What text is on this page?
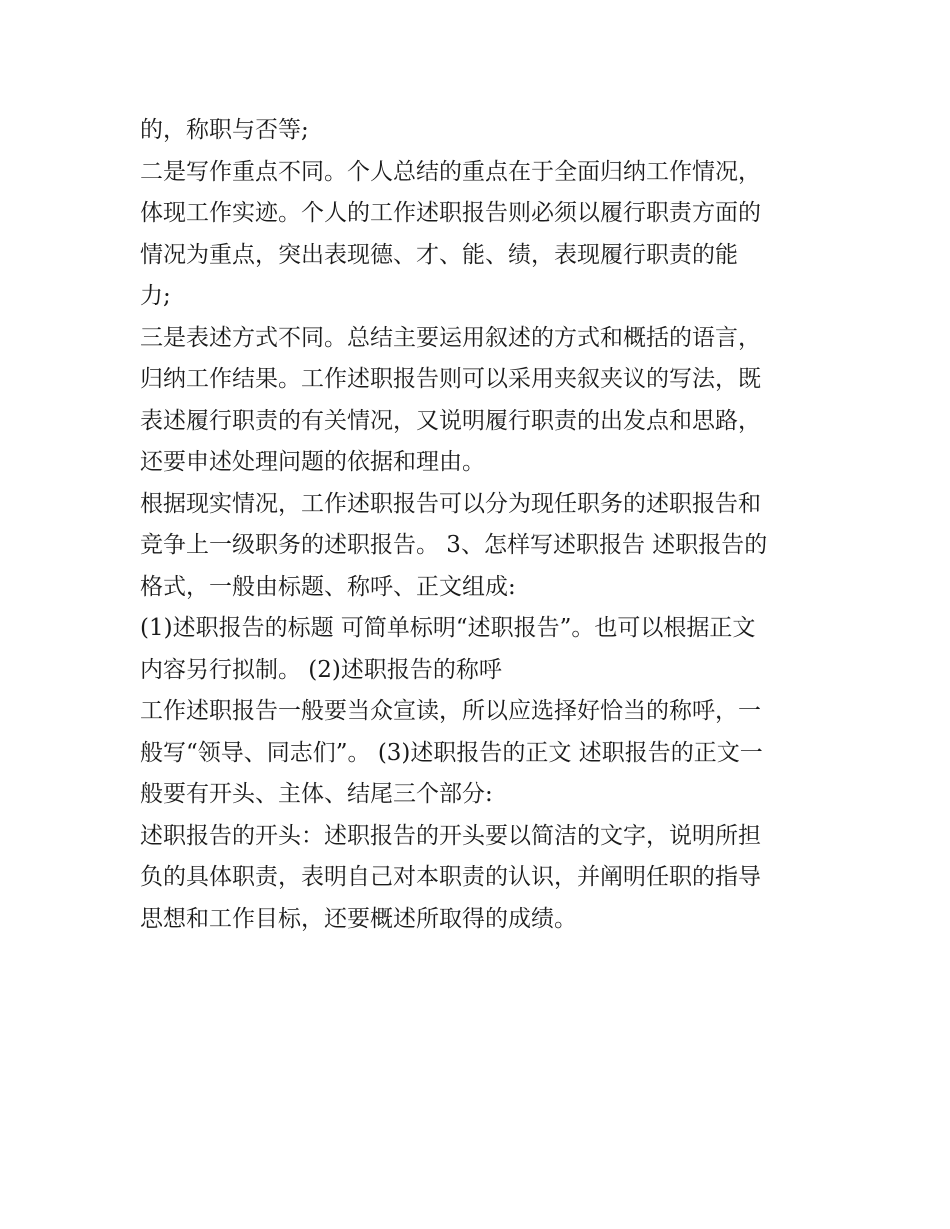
的，称职与否等;

二是写作重点不同。个人总结的重点在于全面归纳工作情况，

体现工作实迹。个人的工作述职报告则必须以履行职责方面的

情况为重点，突出表现德、才、能、绩，表现履行职责的能

力;

三是表述方式不同。总结主要运用叙述的方式和概括的语言，

归纳工作结果。工作述职报告则可以采用夹叙夹议的写法，既

表述履行职责的有关情况，又说明履行职责的出发点和思路，

还要申述处理问题的依据和理由。

根据现实情况，工作述职报告可以分为现任职务的述职报告和

竞争上一级职务的述职报告。 3、怎样写述职报告 述职报告的

格式，一般由标题、称呼、正文组成:

(1)述职报告的标题 可简单标明“述职报告”。也可以根据正文

内容另行拟制。 (2)述职报告的称呼

工作述职报告一般要当众宣读，所以应选择好恰当的称呼，一

般写“领导、同志们”。 (3)述职报告的正文 述职报告的正文一

般要有开头、主体、结尾三个部分:

述职报告的开头：述职报告的开头要以简洁的文字，说明所担

负的具体职责，表明自己对本职责的认识，并阐明任职的指导

思想和工作目标，还要概述所取得的成绩。
